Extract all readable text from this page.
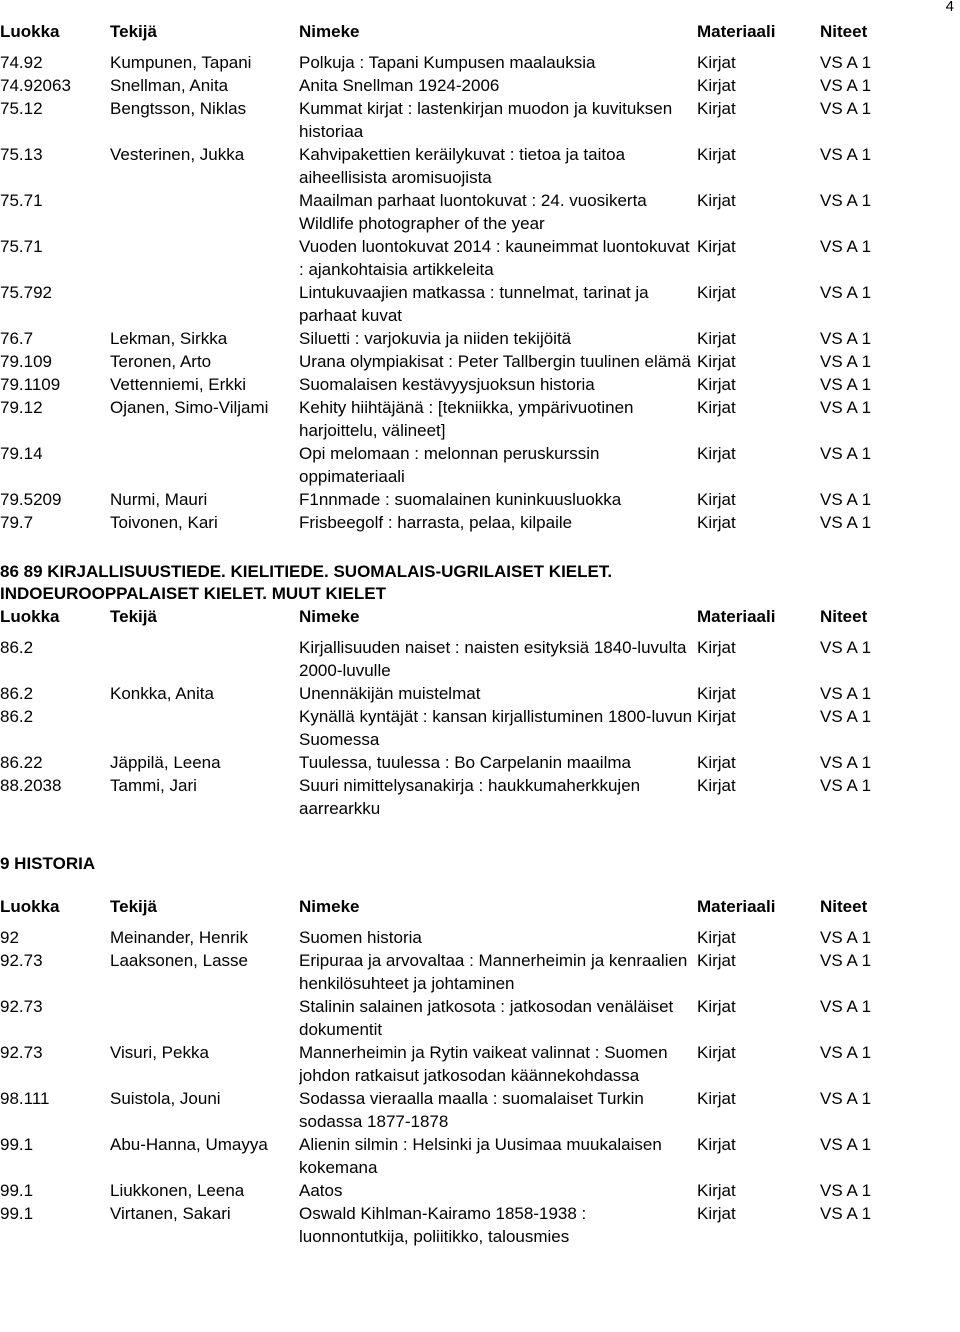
4
Luokka	Tekijä	Nimeke	Materiaali	Niteet
74.92	Kumpunen, Tapani	Polkuja : Tapani Kumpusen maalauksia	Kirjat	VS A 1
74.92063	Snellman, Anita	Anita Snellman 1924-2006	Kirjat	VS A 1
75.12	Bengtsson, Niklas	Kummat kirjat : lastenkirjan muodon ja kuvituksen historiaa	Kirjat	VS A 1
75.13	Vesterinen, Jukka	Kahvipakettien keräilykuvat : tietoa ja taitoa aiheellisista aromisuojista	Kirjat	VS A 1
75.71		Maailman parhaat luontokuvat : 24. vuosikerta Wildlife photographer of the year	Kirjat	VS A 1
75.71		Vuoden luontokuvat 2014 : kauneimmat luontokuvat : ajankohtaisia artikkeleita	Kirjat	VS A 1
75.792		Lintukuvaajien matkassa : tunnelmat, tarinat ja parhaat kuvat	Kirjat	VS A 1
76.7	Lekman, Sirkka	Siluetti : varjokuvia ja niiden tekijöitä	Kirjat	VS A 1
79.109	Teronen, Arto	Urana olympiakisat : Peter Tallbergin tuulinen elämä	Kirjat	VS A 1
79.1109	Vettenniemi, Erkki	Suomalaisen kestävyysjuoksun historia	Kirjat	VS A 1
79.12	Ojanen, Simo-Viljami	Kehity hiihtäjänä : [tekniikka, ympärivuotinen harjoittelu, välineet]	Kirjat	VS A 1
79.14		Opi melomaan : melonnan peruskurssin oppimateriaali	Kirjat	VS A 1
79.5209	Nurmi, Mauri	F1nnmade : suomalainen kuninkuusluokka	Kirjat	VS A 1
79.7	Toivonen, Kari	Frisbeegolf : harrasta, pelaa, kilpaile	Kirjat	VS A 1
86 89 KIRJALLISUUSTIEDE. KIELITIEDE. SUOMALAIS-UGRILAISET KIELET.
INDOEUROOPPALAISET KIELET. MUUT KIELET
Luokka	Tekijä	Nimeke	Materiaali	Niteet
86.2		Kirjallisuuden naiset : naisten esityksiä 1840-luvulta 2000-luvulle	Kirjat	VS A 1
86.2	Konkka, Anita	Unennäkijän muistelmat	Kirjat	VS A 1
86.2		Kynällä kyntäjät : kansan kirjallistuminen 1800-luvun Suomessa	Kirjat	VS A 1
86.22	Jäppilä, Leena	Tuulessa, tuulessa : Bo Carpelanin maailma	Kirjat	VS A 1
88.2038	Tammi, Jari	Suuri nimittelysanakirja : haukkumaherkkujen aarrearkku	Kirjat	VS A 1
9 HISTORIA
Luokka	Tekijä	Nimeke	Materiaali	Niteet
92	Meinander, Henrik	Suomen historia	Kirjat	VS A 1
92.73	Laaksonen, Lasse	Eripuraa ja arvovaltaa : Mannerheimin ja kenraalien henkilösuhteet ja johtaminen	Kirjat	VS A 1
92.73		Stalinin salainen jatkosota : jatkosodan venäläiset dokumentit	Kirjat	VS A 1
92.73	Visuri, Pekka	Mannerheimin ja Rytin vaikeat valinnat : Suomen johdon ratkaisut jatkosodan käännekohdassa	Kirjat	VS A 1
98.111	Suistola, Jouni	Sodassa vieraalla maalla : suomalaiset Turkin sodassa 1877-1878	Kirjat	VS A 1
99.1	Abu-Hanna, Umayya	Alienin silmin : Helsinki ja Uusimaa muukalaisen kokemana	Kirjat	VS A 1
99.1	Liukkonen, Leena	Aatos	Kirjat	VS A 1
99.1	Virtanen, Sakari	Oswald Kihlman-Kairamo 1858-1938 : luonnontutkija, poliitikko, talousmies	Kirjat	VS A 1
